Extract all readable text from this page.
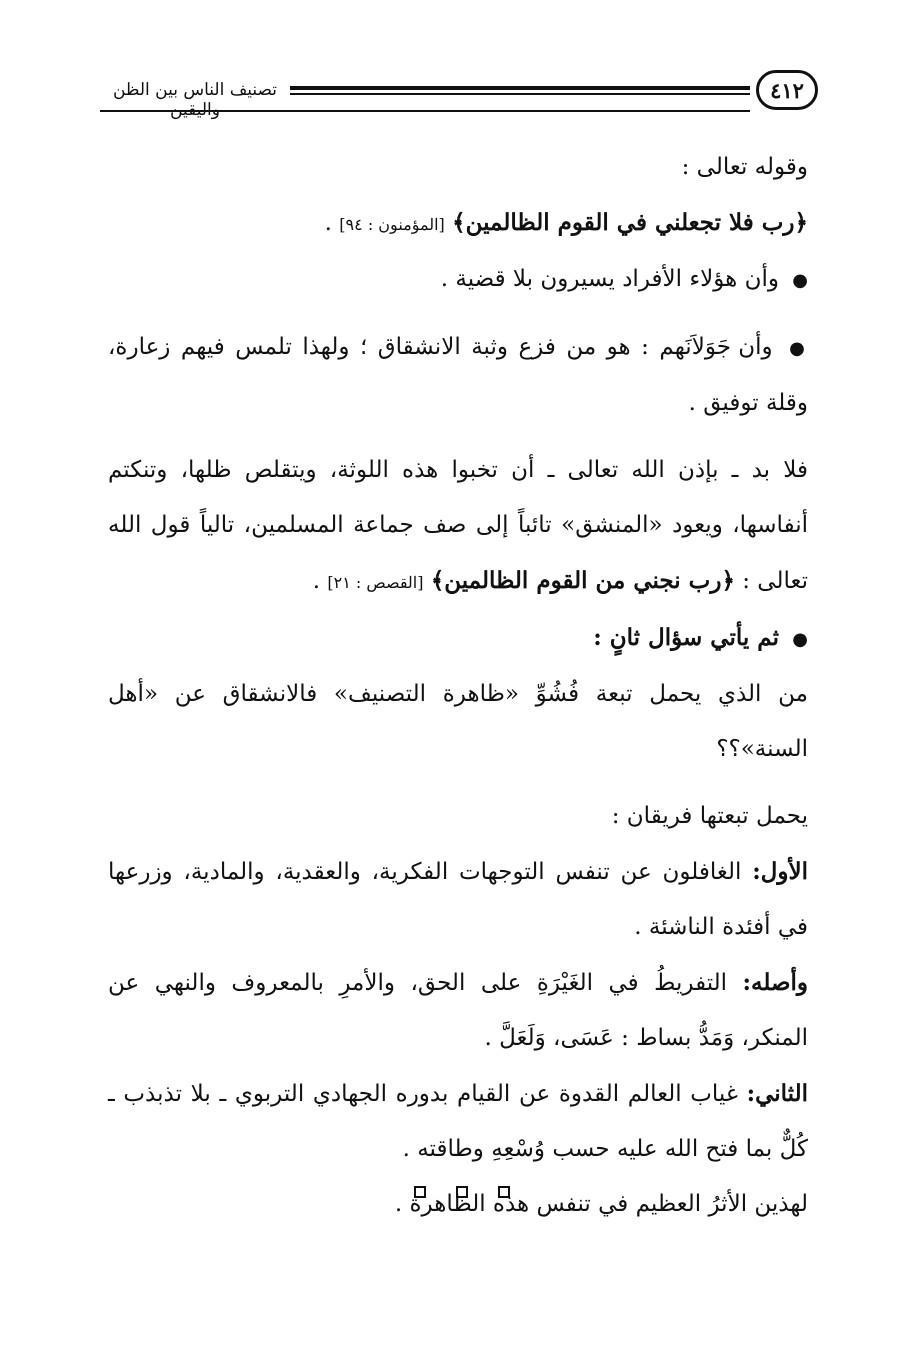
٤١٢
تصنيف الناس بين الظن واليقين

وقوله تعالى :

﴿رب فلا تجعلني في القوم الظالمين﴾ [المؤمنون : ٩٤] .

● وأن هؤلاء الأفراد يسيرون بلا قضية .

● وأن جَوَلاَنَهم : هو من فزع وثبة الانشقاق ؛ ولهذا تلمس فيهم زعارة، وقلة توفيق .

فلا بد ـ بإذن الله تعالى ـ أن تخبوا هذه اللوثة، ويتقلص ظلها، وتنكتم أنفاسها، ويعود «المنشق» تائباً إلى صف جماعة المسلمين، تالياً قول الله تعالى : ﴿رب نجني من القوم الظالمين﴾ [القصص : ٢١] .

● ثم يأتي سؤال ثانٍ :

من الذي يحمل تبعة فُشُوِّ «ظاهرة التصنيف» فالانشقاق عن «أهل السنة»؟؟

يحمل تبعتها فريقان :

الأول: الغافلون عن تنفس التوجهات الفكرية، والعقدية، والمادية، وزرعها في أفئدة الناشئة .

وأصله: التفريطُ في الغَيْرَةِ على الحق، والأمرِ بالمعروف والنهي عن المنكر، وَمَدُّ بساط : عَسَى، وَلَعَلَّ .

الثاني: غياب العالم القدوة عن القيام بدوره الجهادي التربوي ـ بلا تذبذب ـ كُلٌّ بما فتح الله عليه حسب وُسْعِهِ وطاقته .

لهذين الأثرُ العظيم في تنفس هذه الظاهرة .
